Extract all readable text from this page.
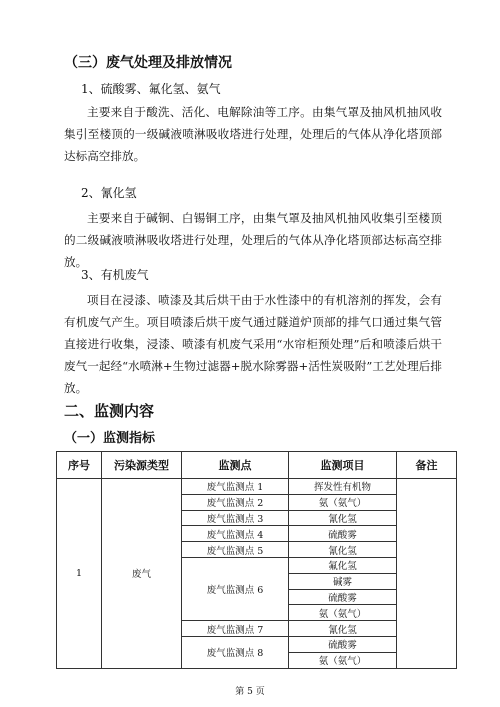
（三）废气处理及排放情况
1、硫酸雾、氟化氢、氨气

主要来自于酸洗、活化、电解除油等工序。由集气罩及抽风机抽风收集引至楼顶的一级碱液喷淋吸收塔进行处理，处理后的气体从净化塔顶部达标高空排放。

2、氰化氢

主要来自于碱铜、白锡铜工序，由集气罩及抽风机抽风收集引至楼顶的二级碱液喷淋吸收塔进行处理，处理后的气体从净化塔顶部达标高空排放。

3、有机废气

项目在浸漆、喷漆及其后烘干由于水性漆中的有机溶剂的挥发，会有有机废气产生。项目喷漆后烘干废气通过隧道炉顶部的排气口通过集气管直接进行收集，浸漆、喷漆有机废气采用“水帘柜预处理”后和喷漆后烘干废气一起经“水喷淋+生物过滤器+脱水除雾器+活性炭吸附”工艺处理后排放。

二、监测内容
（一）监测指标
序号	污染源类型	监测点	监测项目	备注
1	废气	废气监测点 1	挥发性有机物	
		废气监测点 2	氨（氨气）	
		废气监测点 3	氰化氢	
		废气监测点 4	硫酸雾	
		废气监测点 5	氰化氢	
		废气监测点 6	氟化氢	
			碱雾	
			硫酸雾	
			氨（氨气）	
		废气监测点 7	氰化氢	
		废气监测点 8	硫酸雾	
			氨（氨气）	
第 5 页
